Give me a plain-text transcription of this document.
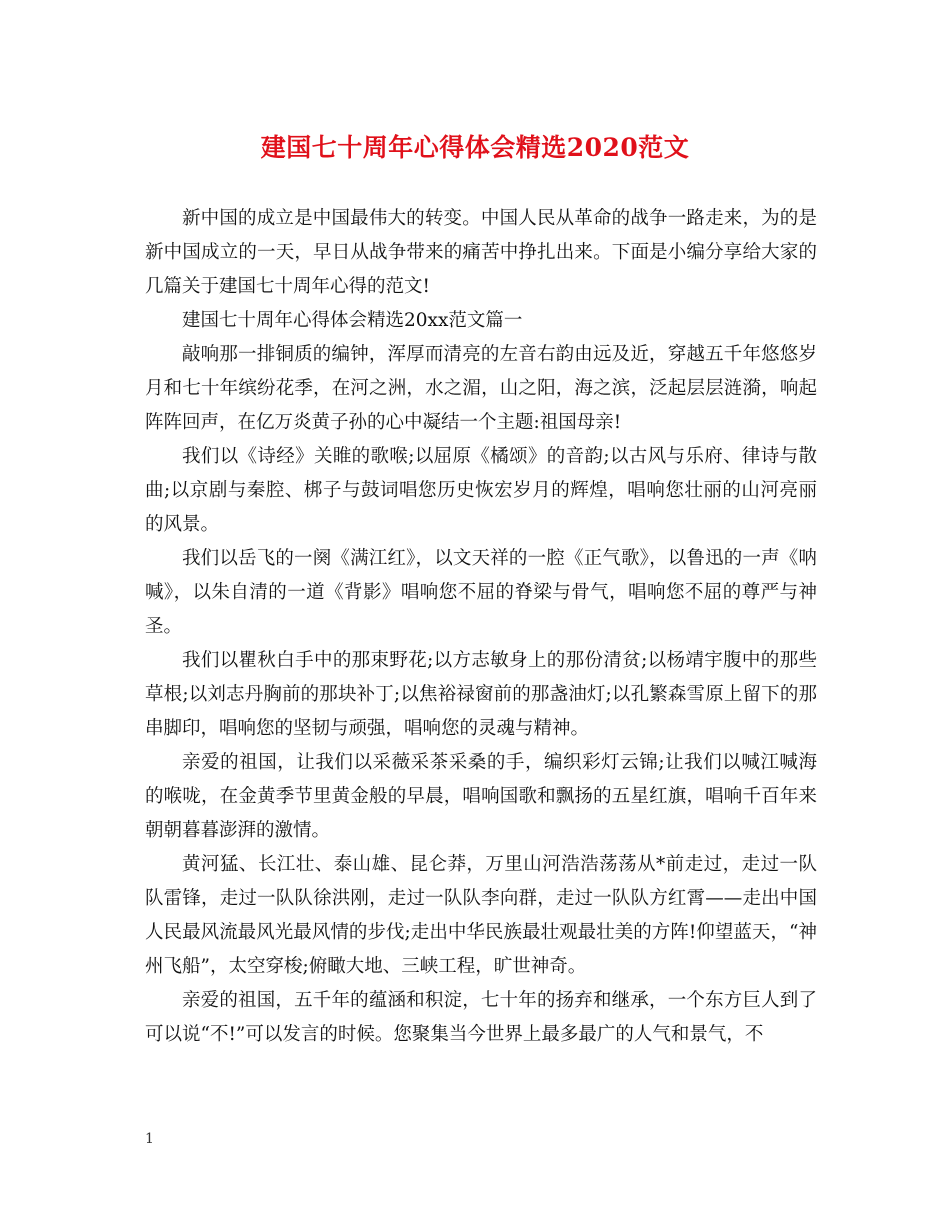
建国七十周年心得体会精选2020范文

新中国的成立是中国最伟大的转变。中国人民从革命的战争一路走来，为的是新中国成立的一天，早日从战争带来的痛苦中挣扎出来。下面是小编分享给大家的几篇关于建国七十周年心得的范文!

建国七十周年心得体会精选20xx范文篇一

敲响那一排铜质的编钟，浑厚而清亮的左音右韵由远及近，穿越五千年悠悠岁月和七十年缤纷花季，在河之洲，水之湄，山之阳，海之滨，泛起层层涟漪，响起阵阵回声，在亿万炎黄子孙的心中凝结一个主题:祖国母亲!

我们以《诗经》关睢的歌喉;以屈原《橘颂》的音韵;以古风与乐府、律诗与散曲;以京剧与秦腔、梆子与鼓词唱您历史恢宏岁月的辉煌，唱响您壮丽的山河亮丽的风景。

我们以岳飞的一阕《满江红》，以文天祥的一腔《正气歌》，以鲁迅的一声《呐喊》，以朱自清的一道《背影》唱响您不屈的脊梁与骨气，唱响您不屈的尊严与神圣。

我们以瞿秋白手中的那束野花;以方志敏身上的那份清贫;以杨靖宇腹中的那些草根;以刘志丹胸前的那块补丁;以焦裕禄窗前的那盏油灯;以孔繁森雪原上留下的那串脚印，唱响您的坚韧与顽强，唱响您的灵魂与精神。

亲爱的祖国，让我们以采薇采茶采桑的手，编织彩灯云锦;让我们以喊江喊海的喉咙，在金黄季节里黄金般的早晨，唱响国歌和飘扬的五星红旗，唱响千百年来朝朝暮暮澎湃的激情。

黄河猛、长江壮、泰山雄、昆仑莽，万里山河浩浩荡荡从*前走过，走过一队队雷锋，走过一队队徐洪刚，走过一队队李向群，走过一队队方红霄——走出中国人民最风流最风光最风情的步伐;走出中华民族最壮观最壮美的方阵!仰望蓝天，“神州飞船”，太空穿梭;俯瞰大地、三峡工程，旷世神奇。

亲爱的祖国，五千年的蕴涵和积淀，七十年的扬弃和继承，一个东方巨人到了可以说“不!”可以发言的时候。您聚集当今世界上最多最广的人气和景气，不

1
